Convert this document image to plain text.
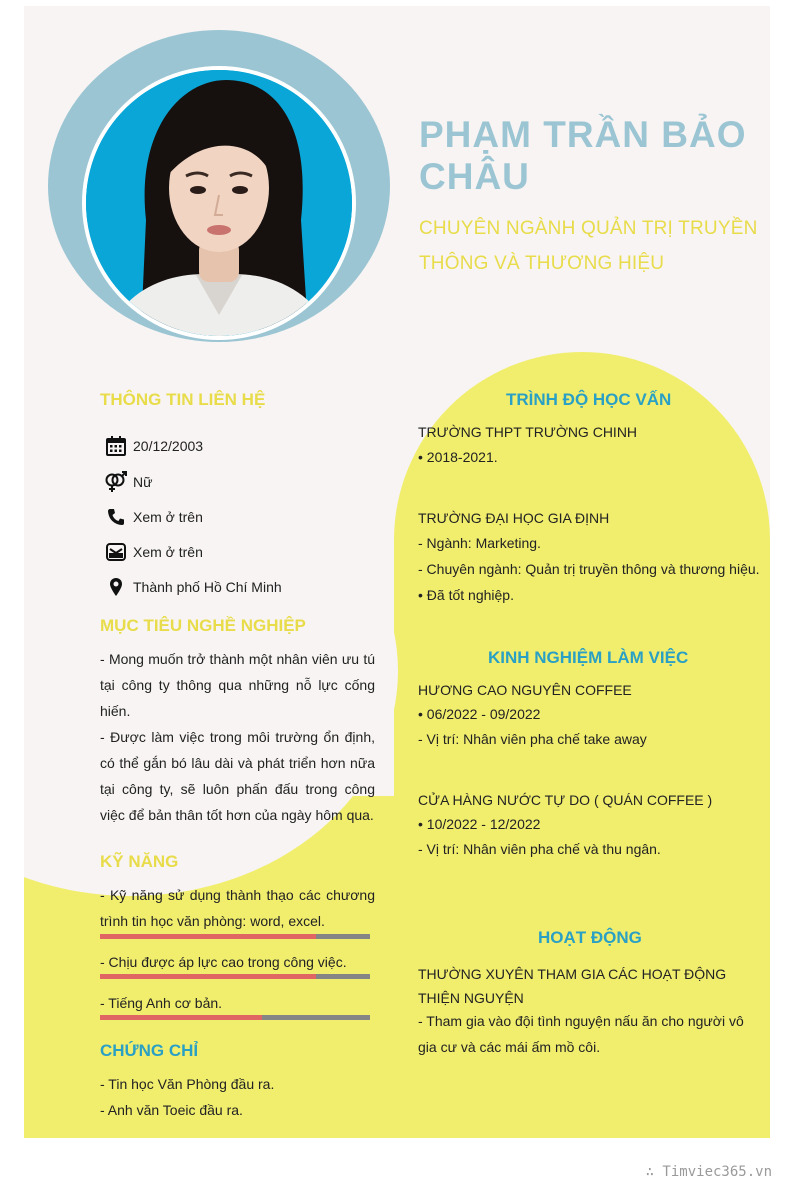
PHẠM TRẦN BẢO CHÂU

CHUYÊN NGÀNH QUẢN TRỊ TRUYỀN THÔNG VÀ THƯƠNG HIỆU

THÔNG TIN LIÊN HỆ
20/12/2003
Nữ
Xem ở trên
Xem ở trên
Thành phố Hồ Chí Minh
MỤC TIÊU NGHỀ NGHIỆP

- Mong muốn trở thành một nhân viên ưu tú tại công ty thông qua những nỗ lực cống hiến.

- Được làm việc trong môi trường ổn định, có thể gắn bó lâu dài và phát triển hơn nữa tại công ty, sẽ luôn phấn đấu trong công việc để bản thân tốt hơn của ngày hôm qua.

KỸ NĂNG

- Kỹ năng sử dụng thành thạo các chương trình tin học văn phòng: word, excel.

- Chịu được áp lực cao trong công việc.

- Tiếng Anh cơ bản.

CHỨNG CHỈ

- Tin học Văn Phòng đầu ra.

- Anh văn Toeic đầu ra.

TRÌNH ĐỘ HỌC VẤN

TRƯỜNG THPT TRƯỜNG CHINH

• 2018-2021.

TRƯỜNG ĐẠI HỌC GIA ĐỊNH

- Ngành: Marketing.

- Chuyên ngành: Quản trị truyền thông và thương hiệu.

• Đã tốt nghiệp.

KINH NGHIỆM LÀM VIỆC

HƯƠNG CAO NGUYÊN COFFEE

• 06/2022 - 09/2022

- Vị trí: Nhân viên pha chế take away

CỬA HÀNG NƯỚC TỰ DO ( QUÁN COFFEE )

• 10/2022 - 12/2022

- Vị trí: Nhân viên pha chế và thu ngân.

HOẠT ĐỘNG

THƯỜNG XUYÊN THAM GIA CÁC HOẠT ĐỘNG THIỆN NGUYỆN

- Tham gia vào đội tình nguyện nấu ăn cho người vô gia cư và các mái ấm mồ côi.

∴ Timviec365.vn
